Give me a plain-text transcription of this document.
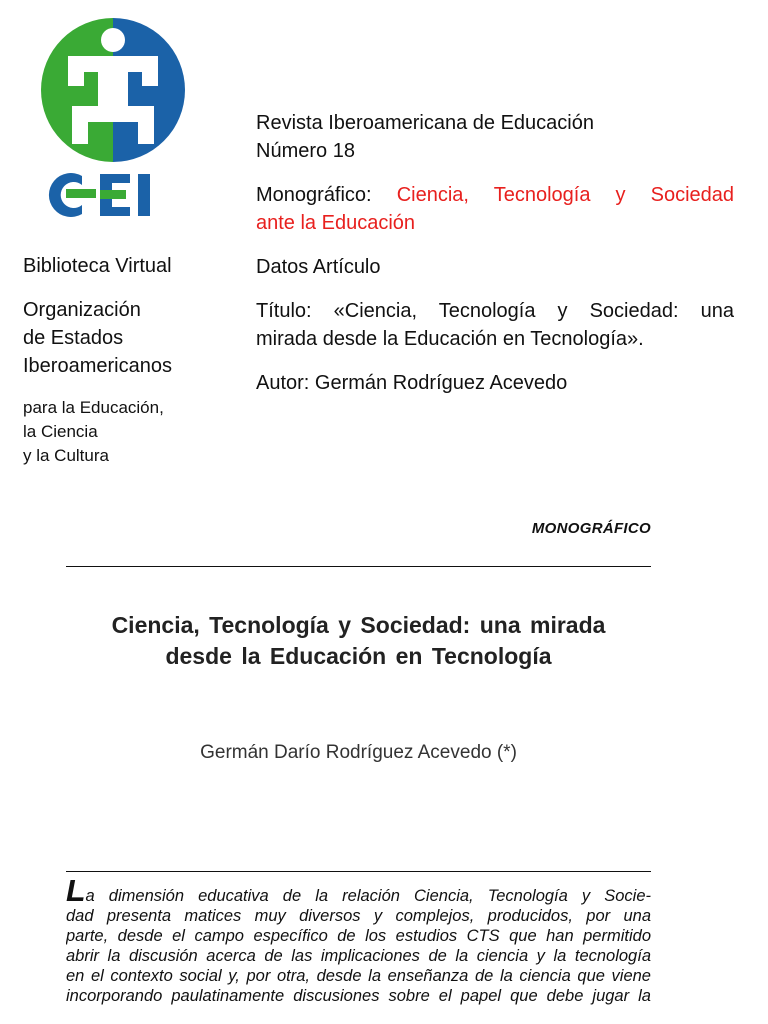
Biblioteca Virtual
Organización
de Estados
Iberoamericanos
para la Educación,
la Ciencia
y la Cultura

Revista Iberoamericana de Educación
Número 18

Monográfico: Ciencia, Tecnología y Sociedad
ante la Educación

Datos Artículo

Título: «Ciencia, Tecnología y Sociedad: una
mirada desde la Educación en Tecnología».

Autor: Germán Rodríguez Acevedo

MONOGRÁFICO
Ciencia, Tecnología y Sociedad: una mirada
desde la Educación en Tecnología
Germán Darío Rodríguez Acevedo (*)
La dimensión educativa de la relación Ciencia, Tecnología y Socie-
dad presenta matices muy diversos y complejos, producidos, por una
parte, desde el campo específico de los estudios CTS que han permitido
abrir la discusión acerca de las implicaciones de la ciencia y la tecnología
en el contexto social y, por otra, desde la enseñanza de la ciencia que viene
incorporando paulatinamente discusiones sobre el papel que debe jugar la
